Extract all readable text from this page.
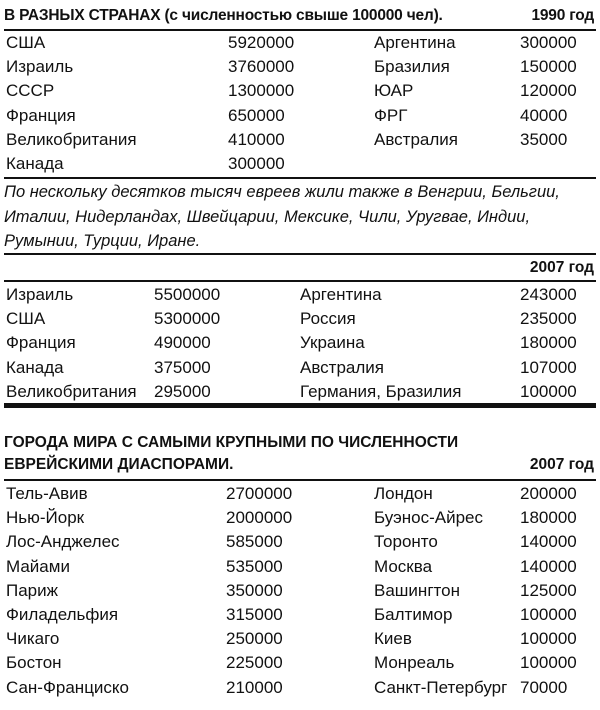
В РАЗНЫХ СТРАНАХ (с численностью свыше 100000 чел).	1990 год
США	5920000	Аргентина	300000
Израиль	3760000	Бразилия	150000
СССР	1300000	ЮАР	120000
Франция	650000	ФРГ	40000
Великобритания	410000	Австралия	35000
Канада	300000
По нескольку десятков тысяч евреев жили также в Венгрии, Бельгии, Италии, Нидерландах, Швейцарии, Мексике, Чили, Уругвае, Индии, Румынии, Турции, Иране.
2007 год
Израиль	5500000	Аргентина	243000
США	5300000	Россия	235000
Франция	490000	Украина	180000
Канада	375000	Австралия	107000
Великобритания 295000	Германия, Бразилия	100000
ГОРОДА МИРА С САМЫМИ КРУПНЫМИ ПО ЧИСЛЕННОСТИ
ЕВРЕЙСКИМИ ДИАСПОРАМИ.	2007 год
Тель-Авив	2700000	Лондон	200000
Нью-Йорк	2000000	Буэнос-Айрес 180000
Лос-Анджелес	585000	Торонто	140000
Майами	535000	Москва	140000
Париж	350000	Вашингтон	125000
Филадельфия	315000	Балтимор	100000
Чикаго	250000	Киев	100000
Бостон	225000	Монреаль	100000
Сан-Франциско	210000	Санкт-Петербург 70000
